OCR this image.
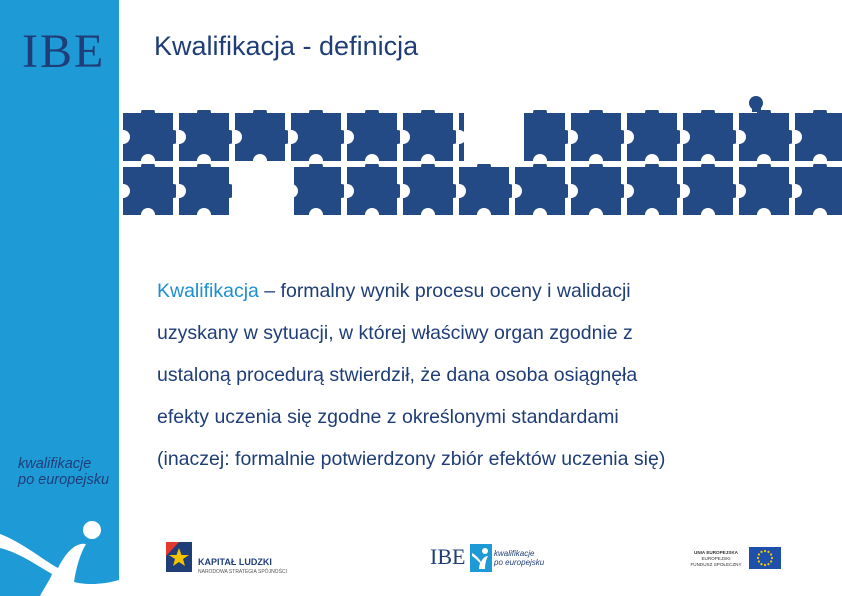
IBE
kwalifikacje
po europejsku
Kwalifikacja - definicja
Kwalifikacja – formalny wynik procesu oceny i walidacji
uzyskany w sytuacji, w której właściwy organ zgodnie z
ustaloną procedurą stwierdził, że dana osoba osiągnęła
efekty uczenia się zgodne z określonymi standardami
(inaczej: formalnie potwierdzony zbiór efektów uczenia się)
KAPITAŁ LUDZKI
NARODOWA STRATEGIA SPÓJNOŚCI
IBE	kwalifikacje
po europejsku
UNIA EUROPEJSKA
EUROPEJSKI
FUNDUSZ SPOŁECZNY
